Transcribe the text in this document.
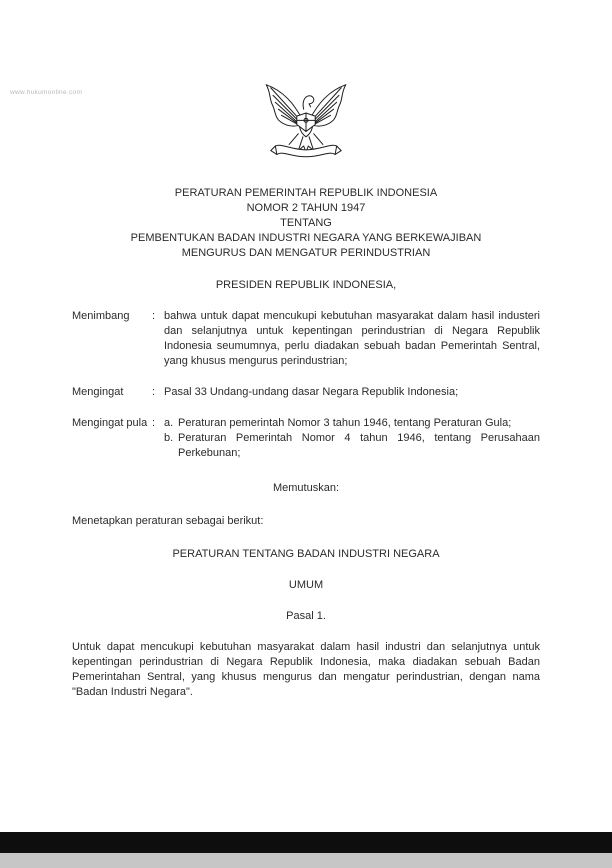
www.hukumonline.com
PERATURAN PEMERINTAH REPUBLIK INDONESIA
NOMOR 2 TAHUN 1947
TENTANG
PEMBENTUKAN BADAN INDUSTRI NEGARA YANG BERKEWAJIBAN
MENGURUS DAN MENGATUR PERINDUSTRIAN
PRESIDEN REPUBLIK INDONESIA,
Menimbang	: bahwa untuk dapat mencukupi kebutuhan masyarakat dalam hasil industeri dan selanjutnya untuk kepentingan perindustrian di Negara Republik Indonesia seumumnya, perlu diadakan sebuah badan Pemerintah Sentral, yang khusus mengurus perindustrian;
Mengingat	: Pasal 33 Undang-undang dasar Negara Republik Indonesia;
Mengingat pula : a. Peraturan pemerintah Nomor 3 tahun 1946, tentang Peraturan Gula;
b. Peraturan Pemerintah Nomor 4 tahun 1946, tentang Perusahaan Perkebunan;
Memutuskan:
Menetapkan peraturan sebagai berikut:
PERATURAN TENTANG BADAN INDUSTRI NEGARA
UMUM
Pasal 1.
Untuk dapat mencukupi kebutuhan masyarakat dalam hasil industri dan selanjutnya untuk kepentingan perindustrian di Negara Republik Indonesia, maka diadakan sebuah Badan Pemerintahan Sentral, yang khusus mengurus dan mengatur perindustrian, dengan nama "Badan Industri Negara".
